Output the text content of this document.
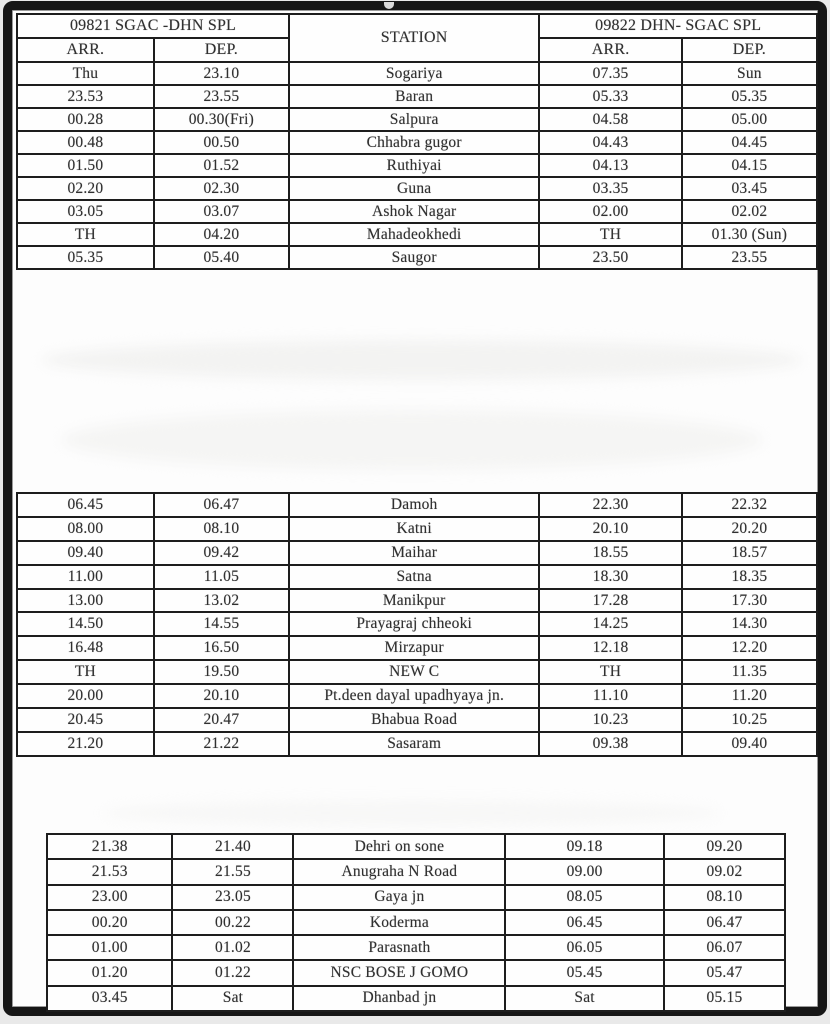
09821 SGAC -DHN SPL		STATION	09822 DHN- SGAC SPL	
ARR.	DEP.		ARR.	DEP.
Thu	23.10	Sogariya	07.35	Sun
23.53	23.55	Baran	05.33	05.35
00.28	00.30(Fri)	Salpura	04.58	05.00
00.48	00.50	Chhabra gugor	04.43	04.45
01.50	01.52	Ruthiyai	04.13	04.15
02.20	02.30	Guna	03.35	03.45
03.05	03.07	Ashok Nagar	02.00	02.02
TH	04.20	Mahadeokhedi	TH	01.30 (Sun)
05.35	05.40	Saugor	23.50	23.55
06.45	06.47	Damoh	22.30	22.32
08.00	08.10	Katni	20.10	20.20
09.40	09.42	Maihar	18.55	18.57
11.00	11.05	Satna	18.30	18.35
13.00	13.02	Manikpur	17.28	17.30
14.50	14.55	Prayagraj chheoki	14.25	14.30
16.48	16.50	Mirzapur	12.18	12.20
TH	19.50	NEW C	TH	11.35
20.00	20.10	Pt.deen dayal upadhyaya jn.	11.10	11.20
20.45	20.47	Bhabua Road	10.23	10.25
21.20	21.22	Sasaram	09.38	09.40
21.38	21.40	Dehri on sone	09.18	09.20
21.53	21.55	Anugraha N Road	09.00	09.02
23.00	23.05	Gaya jn	08.05	08.10
00.20	00.22	Koderma	06.45	06.47
01.00	01.02	Parasnath	06.05	06.07
01.20	01.22	NSC BOSE J GOMO	05.45	05.47
03.45	Sat	Dhanbad jn	Sat	05.15
